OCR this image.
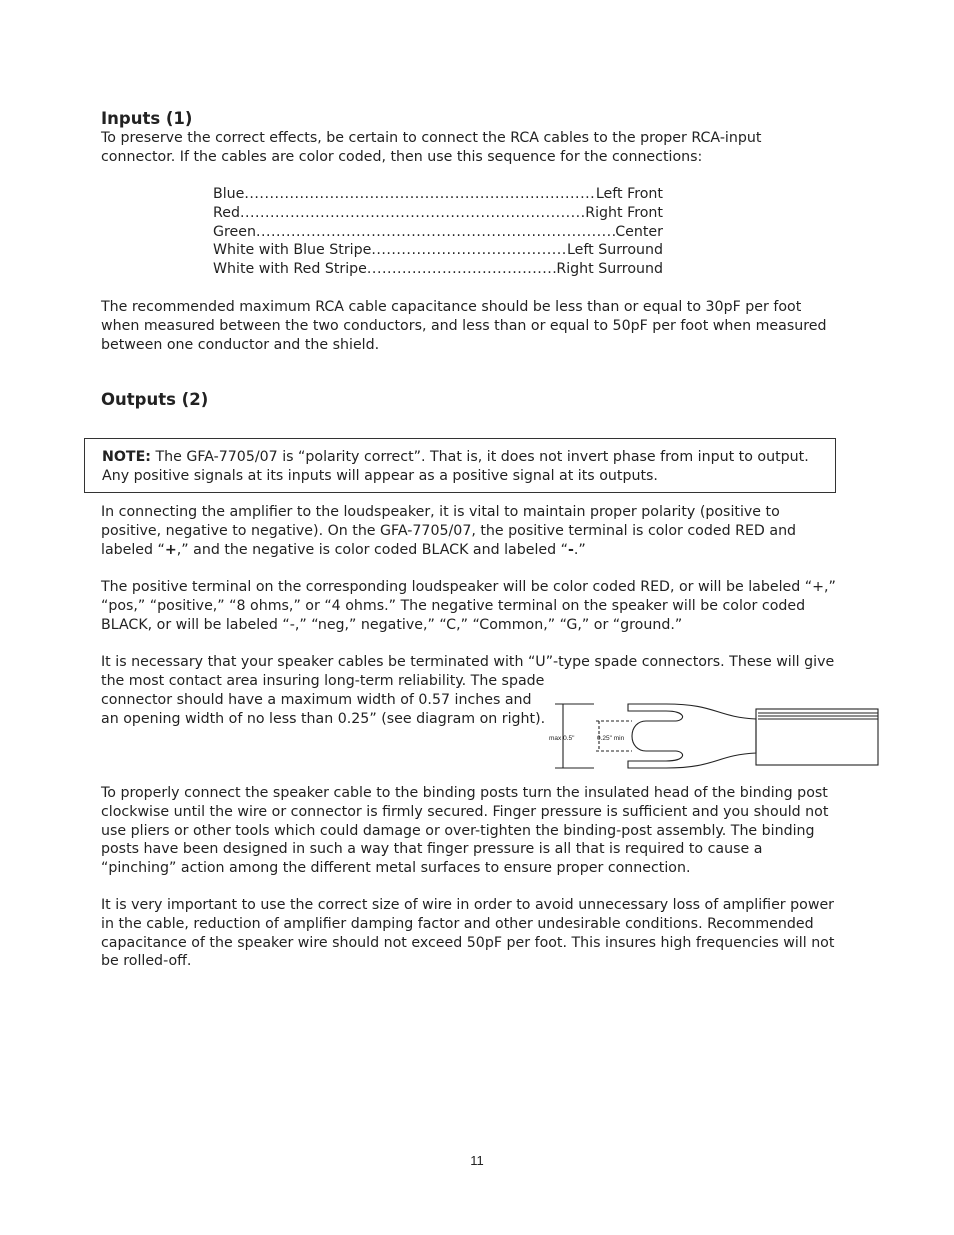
Inputs (1)

To preserve the correct effects, be certain to connect the RCA cables to the proper RCA-input connector. If the cables are color coded, then use this sequence for the connections:

Blue .....	Left Front
Red .....	Right Front
Green .....	Center
White with Blue Stripe .....	Left Surround
White with Red Stripe .....	Right Surround

The recommended maximum RCA cable capacitance should be less than or equal to 30pF per foot when measured between the two conductors, and less than or equal to 50pF per foot when measured between one conductor and the shield.

Outputs (2)
NOTE: The GFA-7705/07 is “polarity correct”. That is, it does not invert phase from input to output. Any positive signals at its inputs will appear as a positive signal at its outputs.

In connecting the amplifier to the loudspeaker, it is vital to maintain proper polarity (positive to positive, negative to negative). On the GFA-7705/07, the positive terminal is color coded RED and labeled “+,” and the negative is color coded BLACK and labeled “-.”

The positive terminal on the corresponding loudspeaker will be color coded RED, or will be labeled “+,” “pos,” “positive,” “8 ohms,” or “4 ohms.” The negative terminal on the speaker will be color coded BLACK, or will be labeled “-,” “neg,” negative,” “C,” “Common,” “G,” or “ground.”

It is necessary that your speaker cables be terminated with “U”-type spade connectors. These will give

the most contact area insuring long-term reliability. The spade connector should have a maximum width of 0.57 inches and an opening width of no less than 0.25” (see diagram on right).

max 0.5"	0.25" min

To properly connect the speaker cable to the binding posts turn the insulated head of the binding post clockwise until the wire or connector is firmly secured. Finger pressure is sufficient and you should not use pliers or other tools which could damage or over-tighten the binding-post assembly. The binding posts have been designed in such a way that finger pressure is all that is required to cause a “pinching” action among the different metal surfaces to ensure proper connection.

It is very important to use the correct size of wire in order to avoid unnecessary loss of amplifier power in the cable, reduction of amplifier damping factor and other undesirable conditions. Recommended capacitance of the speaker wire should not exceed 50pF per foot. This insures high frequencies will not be rolled-off.

11
